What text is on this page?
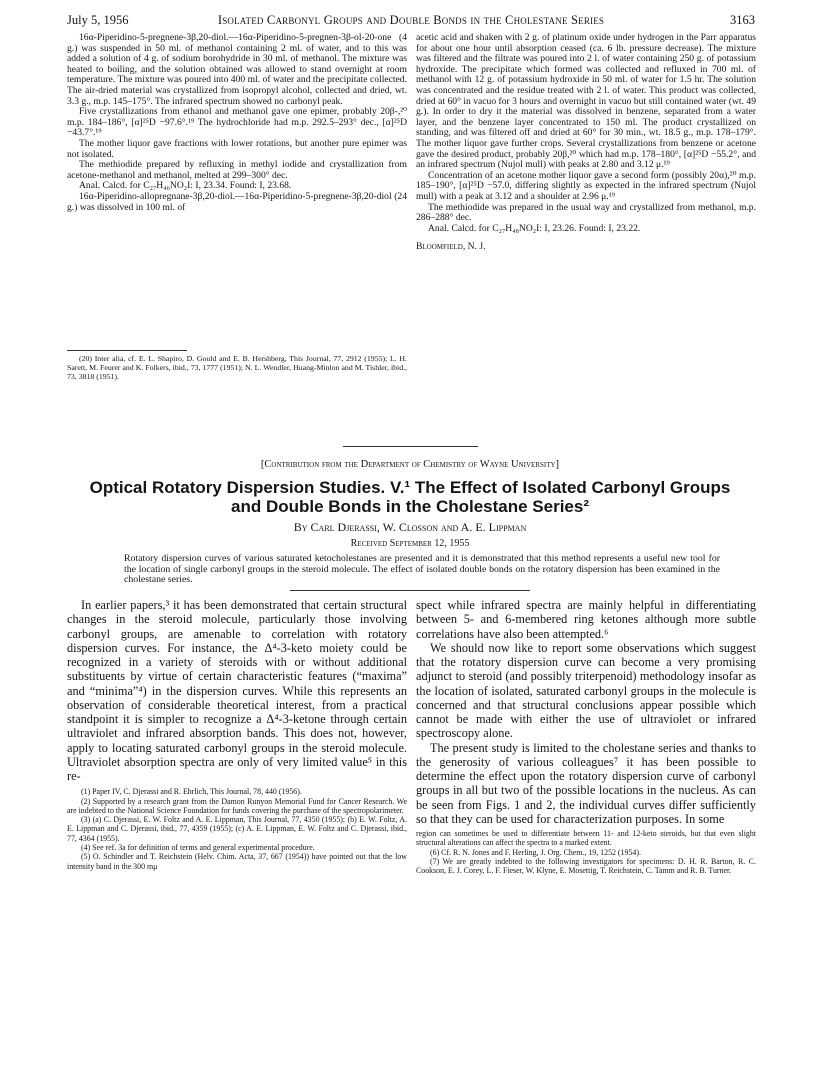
July 5, 1956	Isolated Carbonyl Groups and Double Bonds in the Cholestane Series	3163

16α-Piperidino-5-pregnene-3β,20-diol.—16α-Piperidino-5-pregnen-3β-ol-20-one (4 g.) was suspended in 50 ml. of methanol containing 2 ml. of water, and to this was added a solution of 4 g. of sodium borohydride in 30 ml. of methanol. The mixture was heated to boiling, and the solution obtained was allowed to stand overnight at room temperature. The mixture was poured into 400 ml. of water and the precipitate collected. The air-dried material was crystallized from isopropyl alcohol, collected and dried, wt. 3.3 g., m.p. 145–175°. The infrared spectrum showed no carbonyl peak.

Five crystallizations from ethanol and methanol gave one epimer, probably 20β-,²⁰ m.p. 184–186°, [α]²⁵D −97.6°.¹⁹ The hydrochloride had m.p. 292.5–293° dec., [α]²⁵D −43.7°.¹⁹

The mother liquor gave fractions with lower rotations, but another pure epimer was not isolated.

The methiodide prepared by refluxing in methyl iodide and crystallization from acetone-methanol and methanol, melted at 299–300° dec.

Anal. Calcd. for C₂₇H₄₆NO₂I: I, 23.34. Found: I, 23.68.

16α-Piperidino-allopregnane-3β,20-diol.—16α-Piperidino-5-pregnene-3β,20-diol (24 g.) was dissolved in 100 ml. of

(20) Inter alia, cf. E. L. Shapiro, D. Gould and E. B. Hershberg, This Journal, 77, 2912 (1955); L. H. Sarett, M. Feurer and K. Folkers, ibid., 73, 1777 (1951); N. L. Wendler, Huang-Minlon and M. Tishler, ibid., 73, 3818 (1951).

acetic acid and shaken with 2 g. of platinum oxide under hydrogen in the Parr apparatus for about one hour until absorption ceased (ca. 6 lb. pressure decrease). The mixture was filtered and the filtrate was poured into 2 l. of water containing 250 g. of potassium hydroxide. The precipitate which formed was collected and refluxed in 700 ml. of methanol with 12 g. of potassium hydroxide in 50 ml. of water for 1.5 hr. The solution was concentrated and the residue treated with 2 l. of water. This product was collected, dried at 60° in vacuo for 3 hours and overnight in vacuo but still contained water (wt. 49 g.). In order to dry it the material was dissolved in benzene, separated from a water layer, and the benzene layer concentrated to 150 ml. The product crystallized on standing, and was filtered off and dried at 60° for 30 min., wt. 18.5 g., m.p. 178–179°. The mother liquor gave further crops. Several crystallizations from benzene or acetone gave the desired product, probably 20β,²⁰ which had m.p. 178–180°, [α]²⁵D −55.2°, and an infrared spectrum (Nujol mull) with peaks at 2.80 and 3.12 μ.¹⁹

Concentration of an acetone mother liquor gave a second form (possibly 20α),²⁰ m.p. 185–190°, [α]²⁵D −57.0, differing slightly as expected in the infrared spectrum (Nujol mull) with a peak at 3.12 and a shoulder at 2.96 μ.¹⁹

The methiodide was prepared in the usual way and crystallized from methanol, m.p. 286–288° dec.

Anal. Calcd. for C₂₇H₄₈NO₂I: I, 23.26. Found: I, 23.22.

Bloomfield, N. J.

[Contribution from the Department of Chemistry of Wayne University]
Optical Rotatory Dispersion Studies. V.¹ The Effect of Isolated Carbonyl Groups
and Double Bonds in the Cholestane Series²
By Carl Djerassi, W. Closson and A. E. Lippman
Received September 12, 1955
Rotatory dispersion curves of various saturated ketocholestanes are presented and it is demonstrated that this method represents a useful new tool for the location of single carbonyl groups in the steroid molecule. The effect of isolated double bonds on the rotatory dispersion has been examined in the cholestane series.

In earlier papers,³ it has been demonstrated that certain structural changes in the steroid molecule, particularly those involving carbonyl groups, are amenable to correlation with rotatory dispersion curves. For instance, the Δ⁴-3-keto moiety could be recognized in a variety of steroids with or without additional substituents by virtue of certain characteristic features (“maxima” and “minima”⁴) in the dispersion curves. While this represents an observation of considerable theoretical interest, from a practical standpoint it is simpler to recognize a Δ⁴-3-ketone through certain ultraviolet and infrared absorption bands. This does not, however, apply to locating saturated carbonyl groups in the steroid molecule. Ultraviolet absorption spectra are only of very limited value⁵ in this re-

(1) Paper IV, C. Djerassi and R. Ehrlich, This Journal, 78, 440 (1956).

(2) Supported by a research grant from the Damon Runyon Memorial Fund for Cancer Research. We are indebted to the National Science Foundation for funds covering the purchase of the spectropolarimeter.

(3) (a) C. Djerassi, E. W. Foltz and A. E. Lippman, This Journal, 77, 4350 (1955); (b) E. W. Foltz, A. E. Lippman and C. Djerassi, ibid., 77, 4359 (1955); (c) A. E. Lippman, E. W. Foltz and C. Djerassi, ibid., 77, 4364 (1955).

(4) See ref. 3a for definition of terms and general experimental procedure.

(5) O. Schindler and T. Reichstein (Helv. Chim. Acta, 37, 667 (1954)) have pointed out that the low intensity band in the 300 mμ

spect while infrared spectra are mainly helpful in differentiating between 5- and 6-membered ring ketones although more subtle correlations have also been attempted.⁶

We should now like to report some observations which suggest that the rotatory dispersion curve can become a very promising adjunct to steroid (and possibly triterpenoid) methodology insofar as the location of isolated, saturated carbonyl groups in the molecule is concerned and that structural conclusions appear possible which cannot be made with either the use of ultraviolet or infrared spectroscopy alone.

The present study is limited to the cholestane series and thanks to the generosity of various colleagues⁷ it has been possible to determine the effect upon the rotatory dispersion curve of carbonyl groups in all but two of the possible locations in the nucleus. As can be seen from Figs. 1 and 2, the individual curves differ sufficiently so that they can be used for characterization purposes. In some

region can sometimes be used to differentiate between 11- and 12-keto steroids, but that even slight structural alterations can affect the spectra to a marked extent.

(6) Cf. R. N. Jones and F. Herling, J. Org. Chem., 19, 1252 (1954).

(7) We are greatly indebted to the following investigators for specimens: D. H. R. Barton, R. C. Cookson, E. J. Corey, L. F. Fieser, W. Klyne, E. Mosettig, T. Reichstein, C. Tamm and R. B. Turner.
